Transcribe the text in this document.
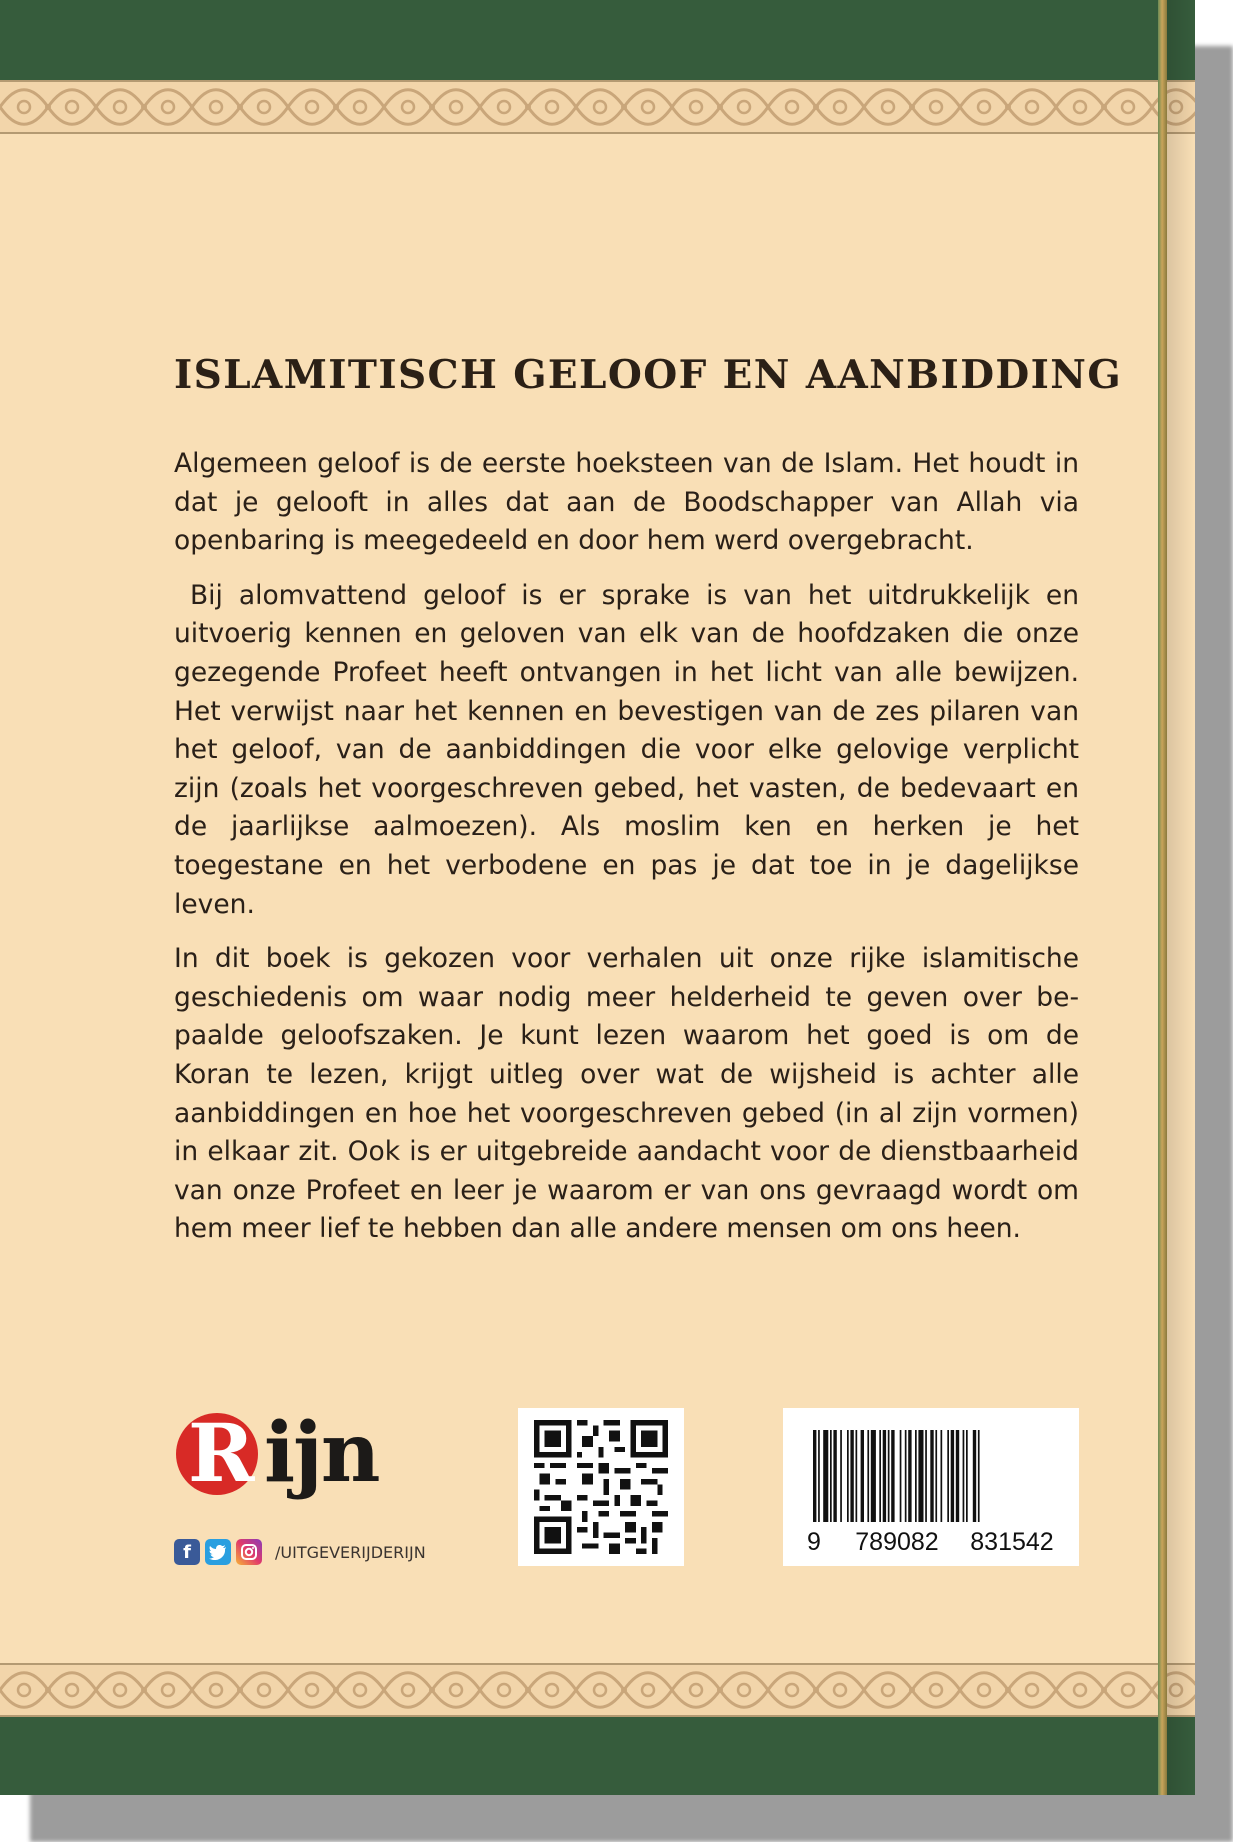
ISLAMITISCH GELOOF EN AANBIDDING

Algemeen geloof is de eerste hoeksteen van de Islam. Het houdt in dat je gelooft in alles dat aan de Boodschapper van Allah via openbaring is meegedeeld en door hem werd overgebracht.

Bij alomvattend geloof is er sprake is van het uitdrukkelijk en uitvoerig kennen en geloven van elk van de hoofdzaken die onze gezegende Profeet heeft ontvangen in het licht van alle bewijzen. Het verwijst naar het kennen en bevestigen van de zes pilaren van het geloof, van de aanbiddingen die voor elke gelovige verplicht zijn (zoals het voorgeschreven gebed, het vasten, de bedevaart en de jaarlijkse aalmoezen). Als moslim ken en herken je het toegestane en het verbodene en pas je dat toe in je dagelijkse leven.

In dit boek is gekozen voor verhalen uit onze rijke islamitische geschiedenis om waar nodig meer helderheid te geven over bepaalde geloofszaken. Je kunt lezen waarom het goed is om de Koran te lezen, krijgt uitleg over wat de wijsheid is achter alle aanbiddingen en hoe het voorgeschreven gebed (in al zijn vormen) in elkaar zit. Ook is er uitgebreide aandacht voor de dienstbaarheid van onze Profeet en leer je waarom er van ons gevraagd wordt om hem meer lief te hebben dan alle andere mensen om ons heen.

R ijn
f	/UITGEVERIJDERIJN	9	789082	831542
